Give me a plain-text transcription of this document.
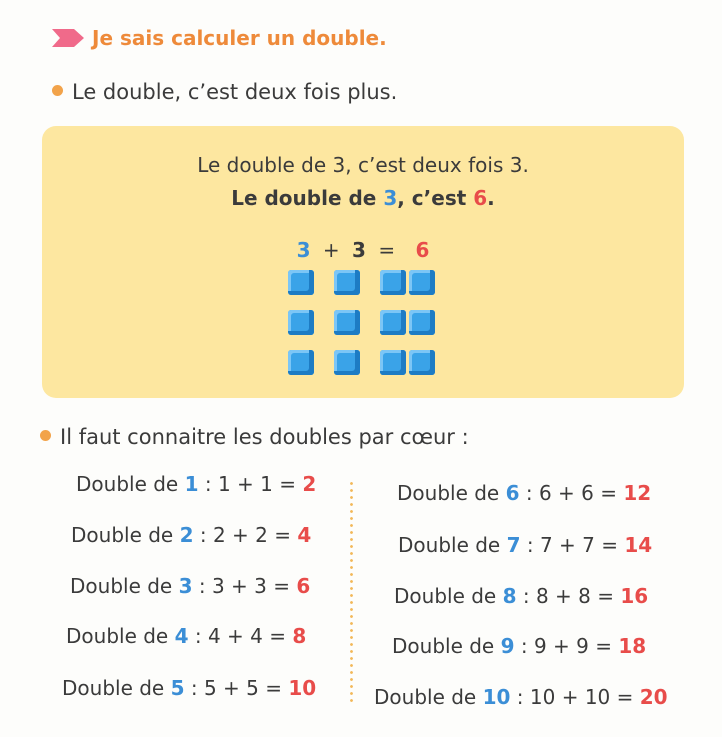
Je sais calculer un double.
Le double, c’est deux fois plus.
Le double de 3, c’est deux fois 3.
Le double de 3, c’est 6.
3 + 3 = 6
Il faut connaitre les doubles par cœur :
Double de 1 : 1 + 1 = 2
Double de 2 : 2 + 2 = 4
Double de 3 : 3 + 3 = 6
Double de 4 : 4 + 4 = 8
Double de 5 : 5 + 5 = 10
Double de 6 : 6 + 6 = 12
Double de 7 : 7 + 7 = 14
Double de 8 : 8 + 8 = 16
Double de 9 : 9 + 9 = 18
Double de 10 : 10 + 10 = 20
